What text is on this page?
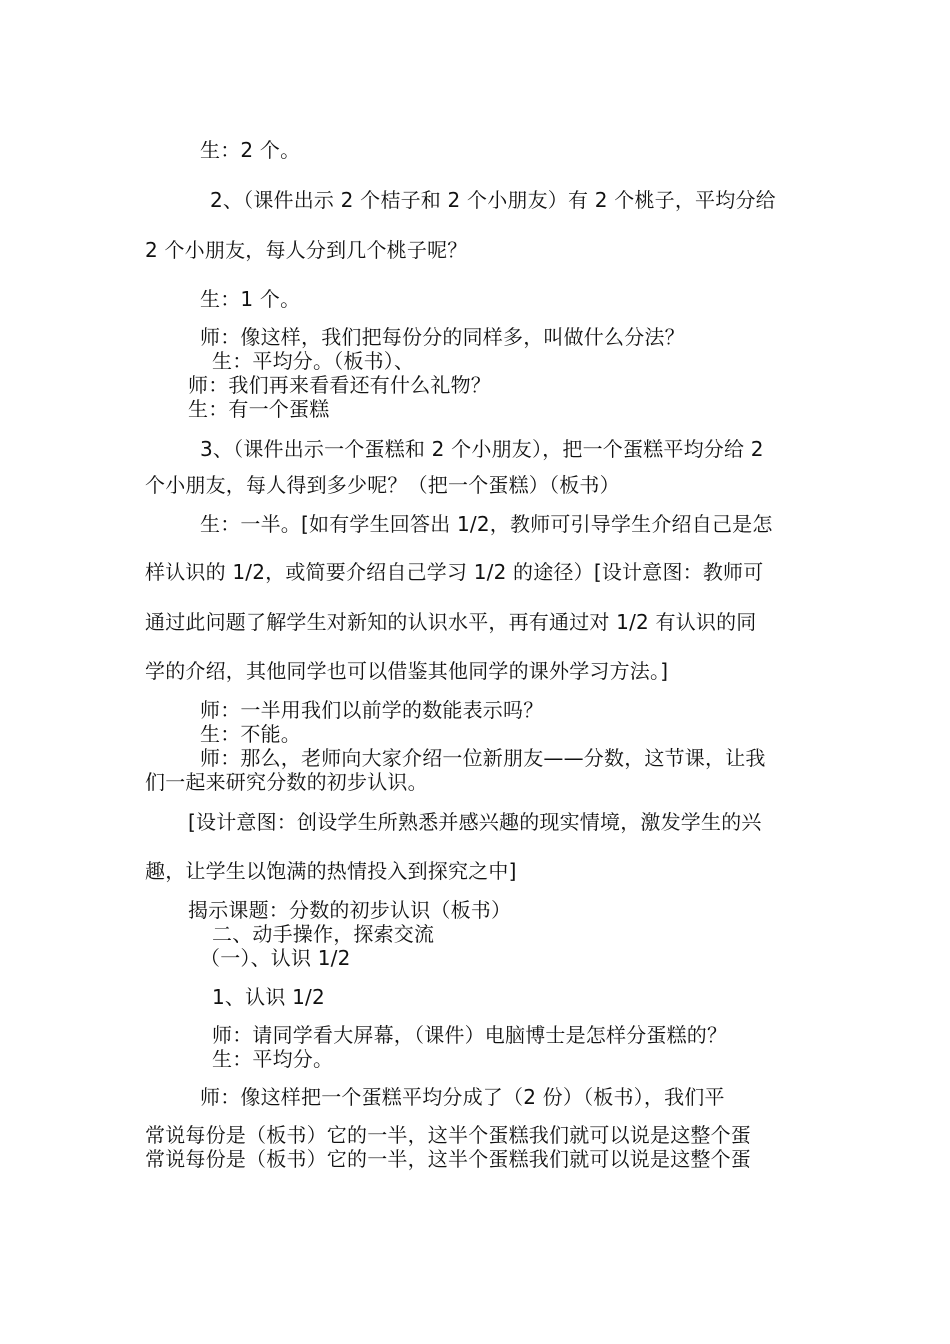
生：2 个。
2、（课件出示 2 个桔子和 2 个小朋友）有 2 个桃子，平均分给
2 个小朋友，每人分到几个桃子呢？
生：1 个。
师：像这样，我们把每份分的同样多，叫做什么分法？
生：平均分。（板书）、
师：我们再来看看还有什么礼物？
生：有一个蛋糕
3、（课件出示一个蛋糕和 2 个小朋友），把一个蛋糕平均分给 2
个小朋友，每人得到多少呢？（把一个蛋糕）（板书）
生：一半。[如有学生回答出 1/2，教师可引导学生介绍自己是怎
样认识的 1/2，或简要介绍自己学习 1/2 的途径）[设计意图：教师可
通过此问题了解学生对新知的认识水平，再有通过对 1/2 有认识的同
学的介绍，其他同学也可以借鉴其他同学的课外学习方法。]
师：一半用我们以前学的数能表示吗？
生：不能。
师：那么，老师向大家介绍一位新朋友——分数，这节课，让我
们一起来研究分数的初步认识。
[设计意图：创设学生所熟悉并感兴趣的现实情境，激发学生的兴
趣，让学生以饱满的热情投入到探究之中]
揭示课题：分数的初步认识（板书）
二、动手操作，探索交流
（一）、认识 1/2
1、认识 1/2
师：请同学看大屏幕，（课件）电脑博士是怎样分蛋糕的？
生：平均分。
师：像这样把一个蛋糕平均分成了（2 份）（板书），我们平
常说每份是（板书）它的一半，这半个蛋糕我们就可以说是这整个蛋
常说每份是（板书）它的一半，这半个蛋糕我们就可以说是这整个蛋
